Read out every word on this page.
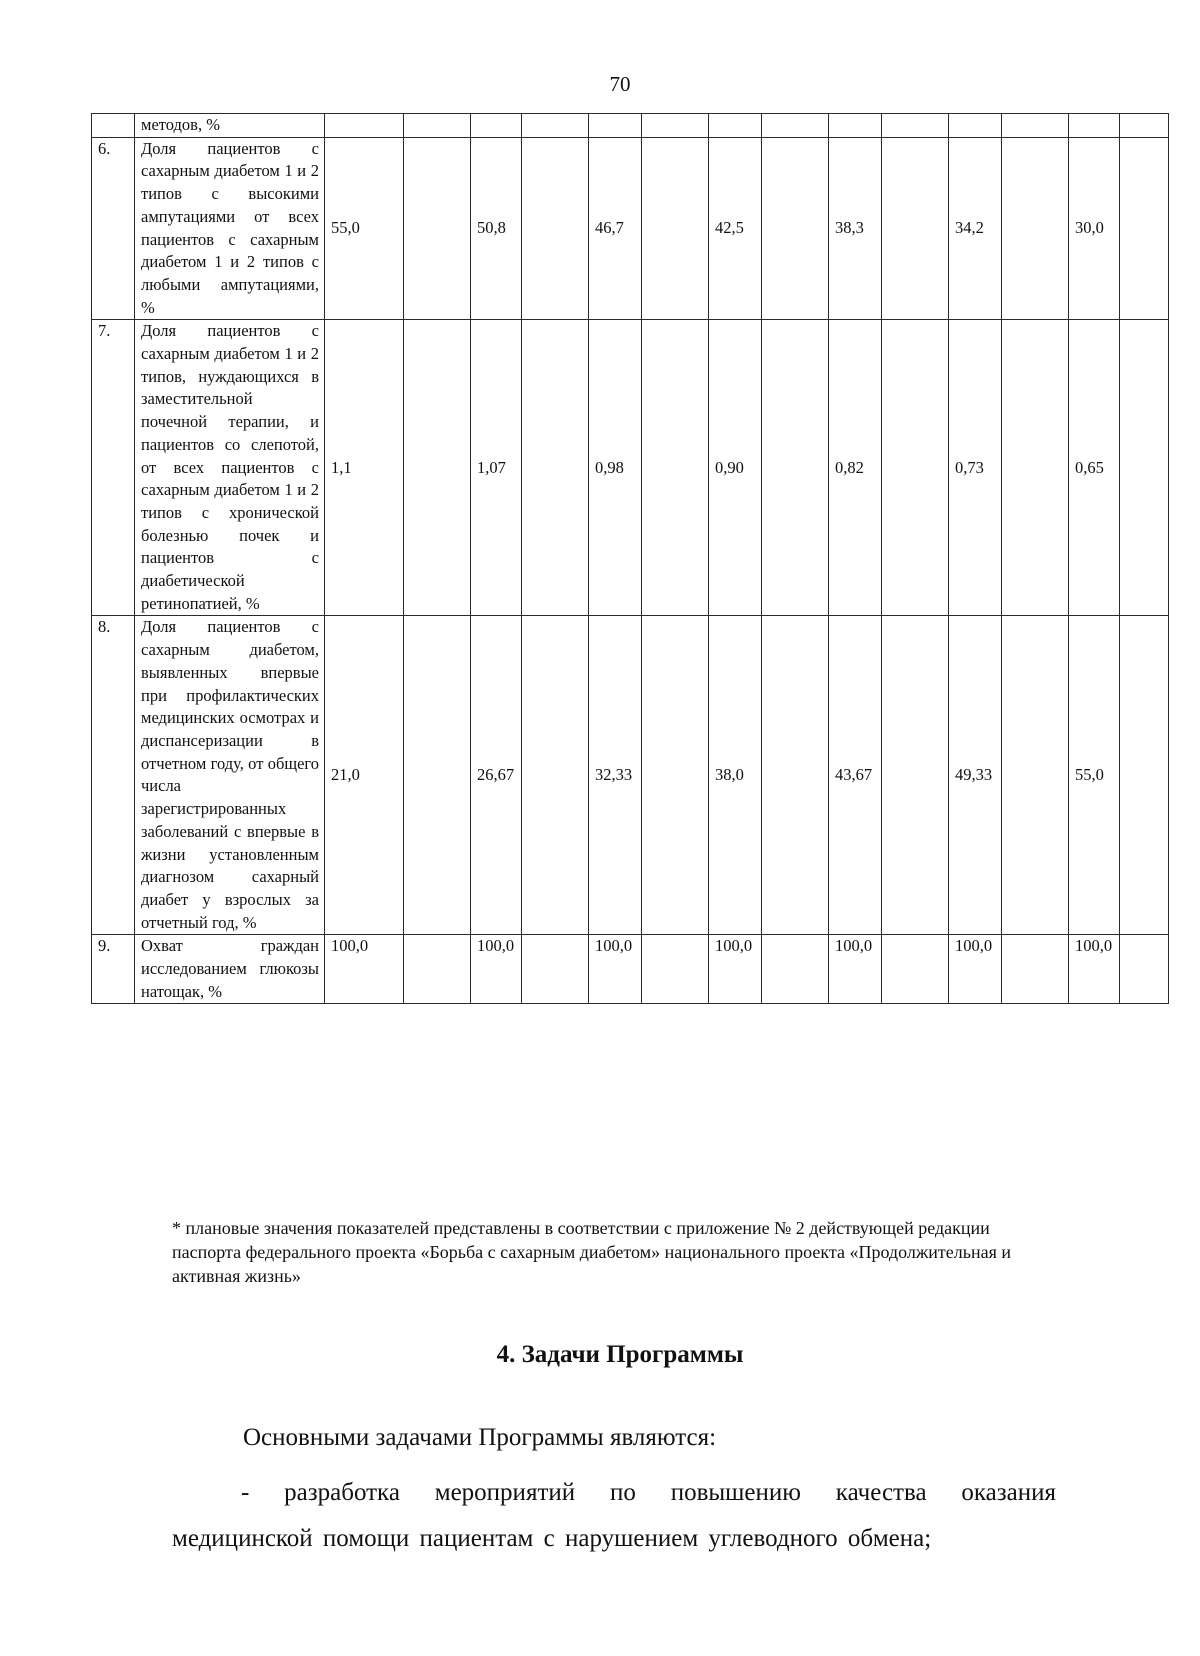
70
	методов, %														
6.	Доля пациентов с сахарным диабетом 1 и 2 типов с высокими ампутациями от всех пациентов с сахарным диабетом 1 и 2 типов с любыми ампутациями, %	55,0		50,8		46,7		42,5		38,3		34,2		30,0	
7.	Доля пациентов с сахарным диабетом 1 и 2 типов, нуждающихся в заместительной почечной терапии, и пациентов со слепотой, от всех пациентов с сахарным диабетом 1 и 2 типов с хронической болезнью почек и пациентов с диабетической ретинопатией, %	1,1		1,07		0,98		0,90		0,82		0,73		0,65	
8.	Доля пациентов с сахарным диабетом, выявленных впервые при профилактических медицинских осмотрах и диспансеризации в отчетном году, от общего числа зарегистрированных заболеваний с впервые в жизни установленным диагнозом сахарный диабет у взрослых за отчетный год, %	21,0		26,67		32,33		38,0		43,67		49,33		55,0	
9.	Охват граждан исследованием глюкозы натощак, %	100,0		100,0		100,0		100,0		100,0		100,0		100,0	
* плановые значения показателей представлены в соответствии с приложение № 2 действующей редакции паспорта федерального проекта «Борьба с сахарным диабетом» национального проекта «Продолжительная и активная жизнь»
4. Задачи Программы
Основными задачами Программы являются:
- разработка мероприятий по повышению качества оказания медицинской помощи пациентам с нарушением углеводного обмена;
